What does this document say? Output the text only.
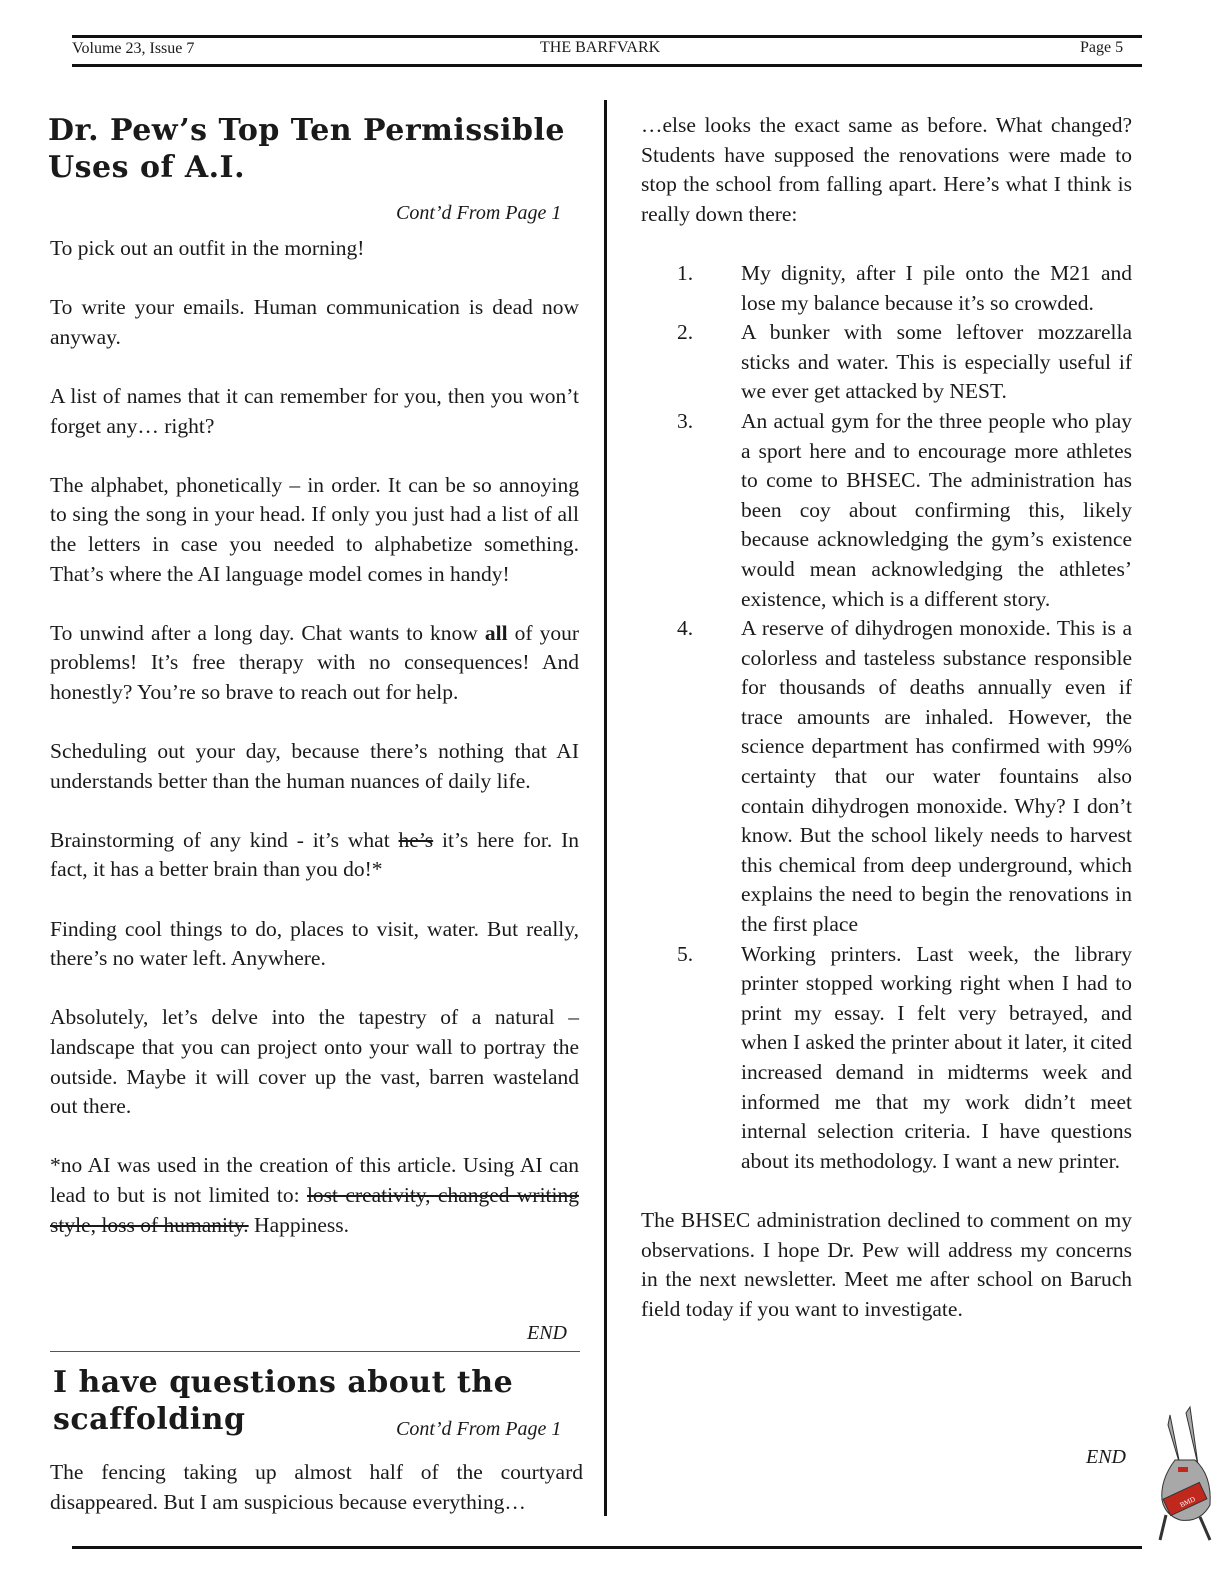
Volume 23, Issue 7	THE BARFVARK	Page 5
Dr. Pew’s Top Ten Permissible Uses of A.I.
Cont’d From Page 1

To pick out an outfit in the morning!

To write your emails. Human communication is dead now anyway.

A list of names that it can remember for you, then you won’t forget any… right?

The alphabet, phonetically – in order. It can be so annoying to sing the song in your head. If only you just had a list of all the letters in case you needed to alphabetize something. That’s where the AI language model comes in handy!

To unwind after a long day. Chat wants to know all of your problems! It’s free therapy with no consequences! And honestly? You’re so brave to reach out for help.

Scheduling out your day, because there’s nothing that AI understands better than the human nuances of daily life.

Brainstorming of any kind - it’s what he’s it’s here for. In fact, it has a better brain than you do!*

Finding cool things to do, places to visit, water. But really, there’s no water left. Anywhere.

Absolutely, let’s delve into the tapestry of a natural – landscape that you can project onto your wall to portray the outside. Maybe it will cover up the vast, barren wasteland out there.

*no AI was used in the creation of this article. Using AI can lead to but is not limited to: lost creativity, changed writing style, loss of humanity. Happiness.

END
I have questions about the scaffolding	Cont’d From Page 1

The fencing taking up almost half of the courtyard disappeared. But I am suspicious because everything…

…else looks the exact same as before. What changed? Students have supposed the renovations were made to stop the school from falling apart. Here’s what I think is really down there:

1. My dignity, after I pile onto the M21 and lose my balance because it’s so crowded.
2. A bunker with some leftover mozzarella sticks and water. This is especially useful if we ever get attacked by NEST.
3. An actual gym for the three people who play a sport here and to encourage more athletes to come to BHSEC. The administration has been coy about confirming this, likely because acknowledging the gym’s existence would mean acknowledging the athletes’ existence, which is a different story.
4. A reserve of dihydrogen monoxide. This is a colorless and tasteless substance responsible for thousands of deaths annually even if trace amounts are inhaled. However, the science department has confirmed with 99% certainty that our water fountains also contain dihydrogen monoxide. Why? I don’t know. But the school likely needs to harvest this chemical from deep underground, which explains the need to begin the renovations in the first place
5. Working printers. Last week, the library printer stopped working right when I had to print my essay. I felt very betrayed, and when I asked the printer about it later, it cited increased demand in midterms week and informed me that my work didn’t meet internal selection criteria. I have questions about its methodology. I want a new printer.

The BHSEC administration declined to comment on my observations. I hope Dr. Pew will address my concerns in the next newsletter. Meet me after school on Baruch field today if you want to investigate.

END
BMD
